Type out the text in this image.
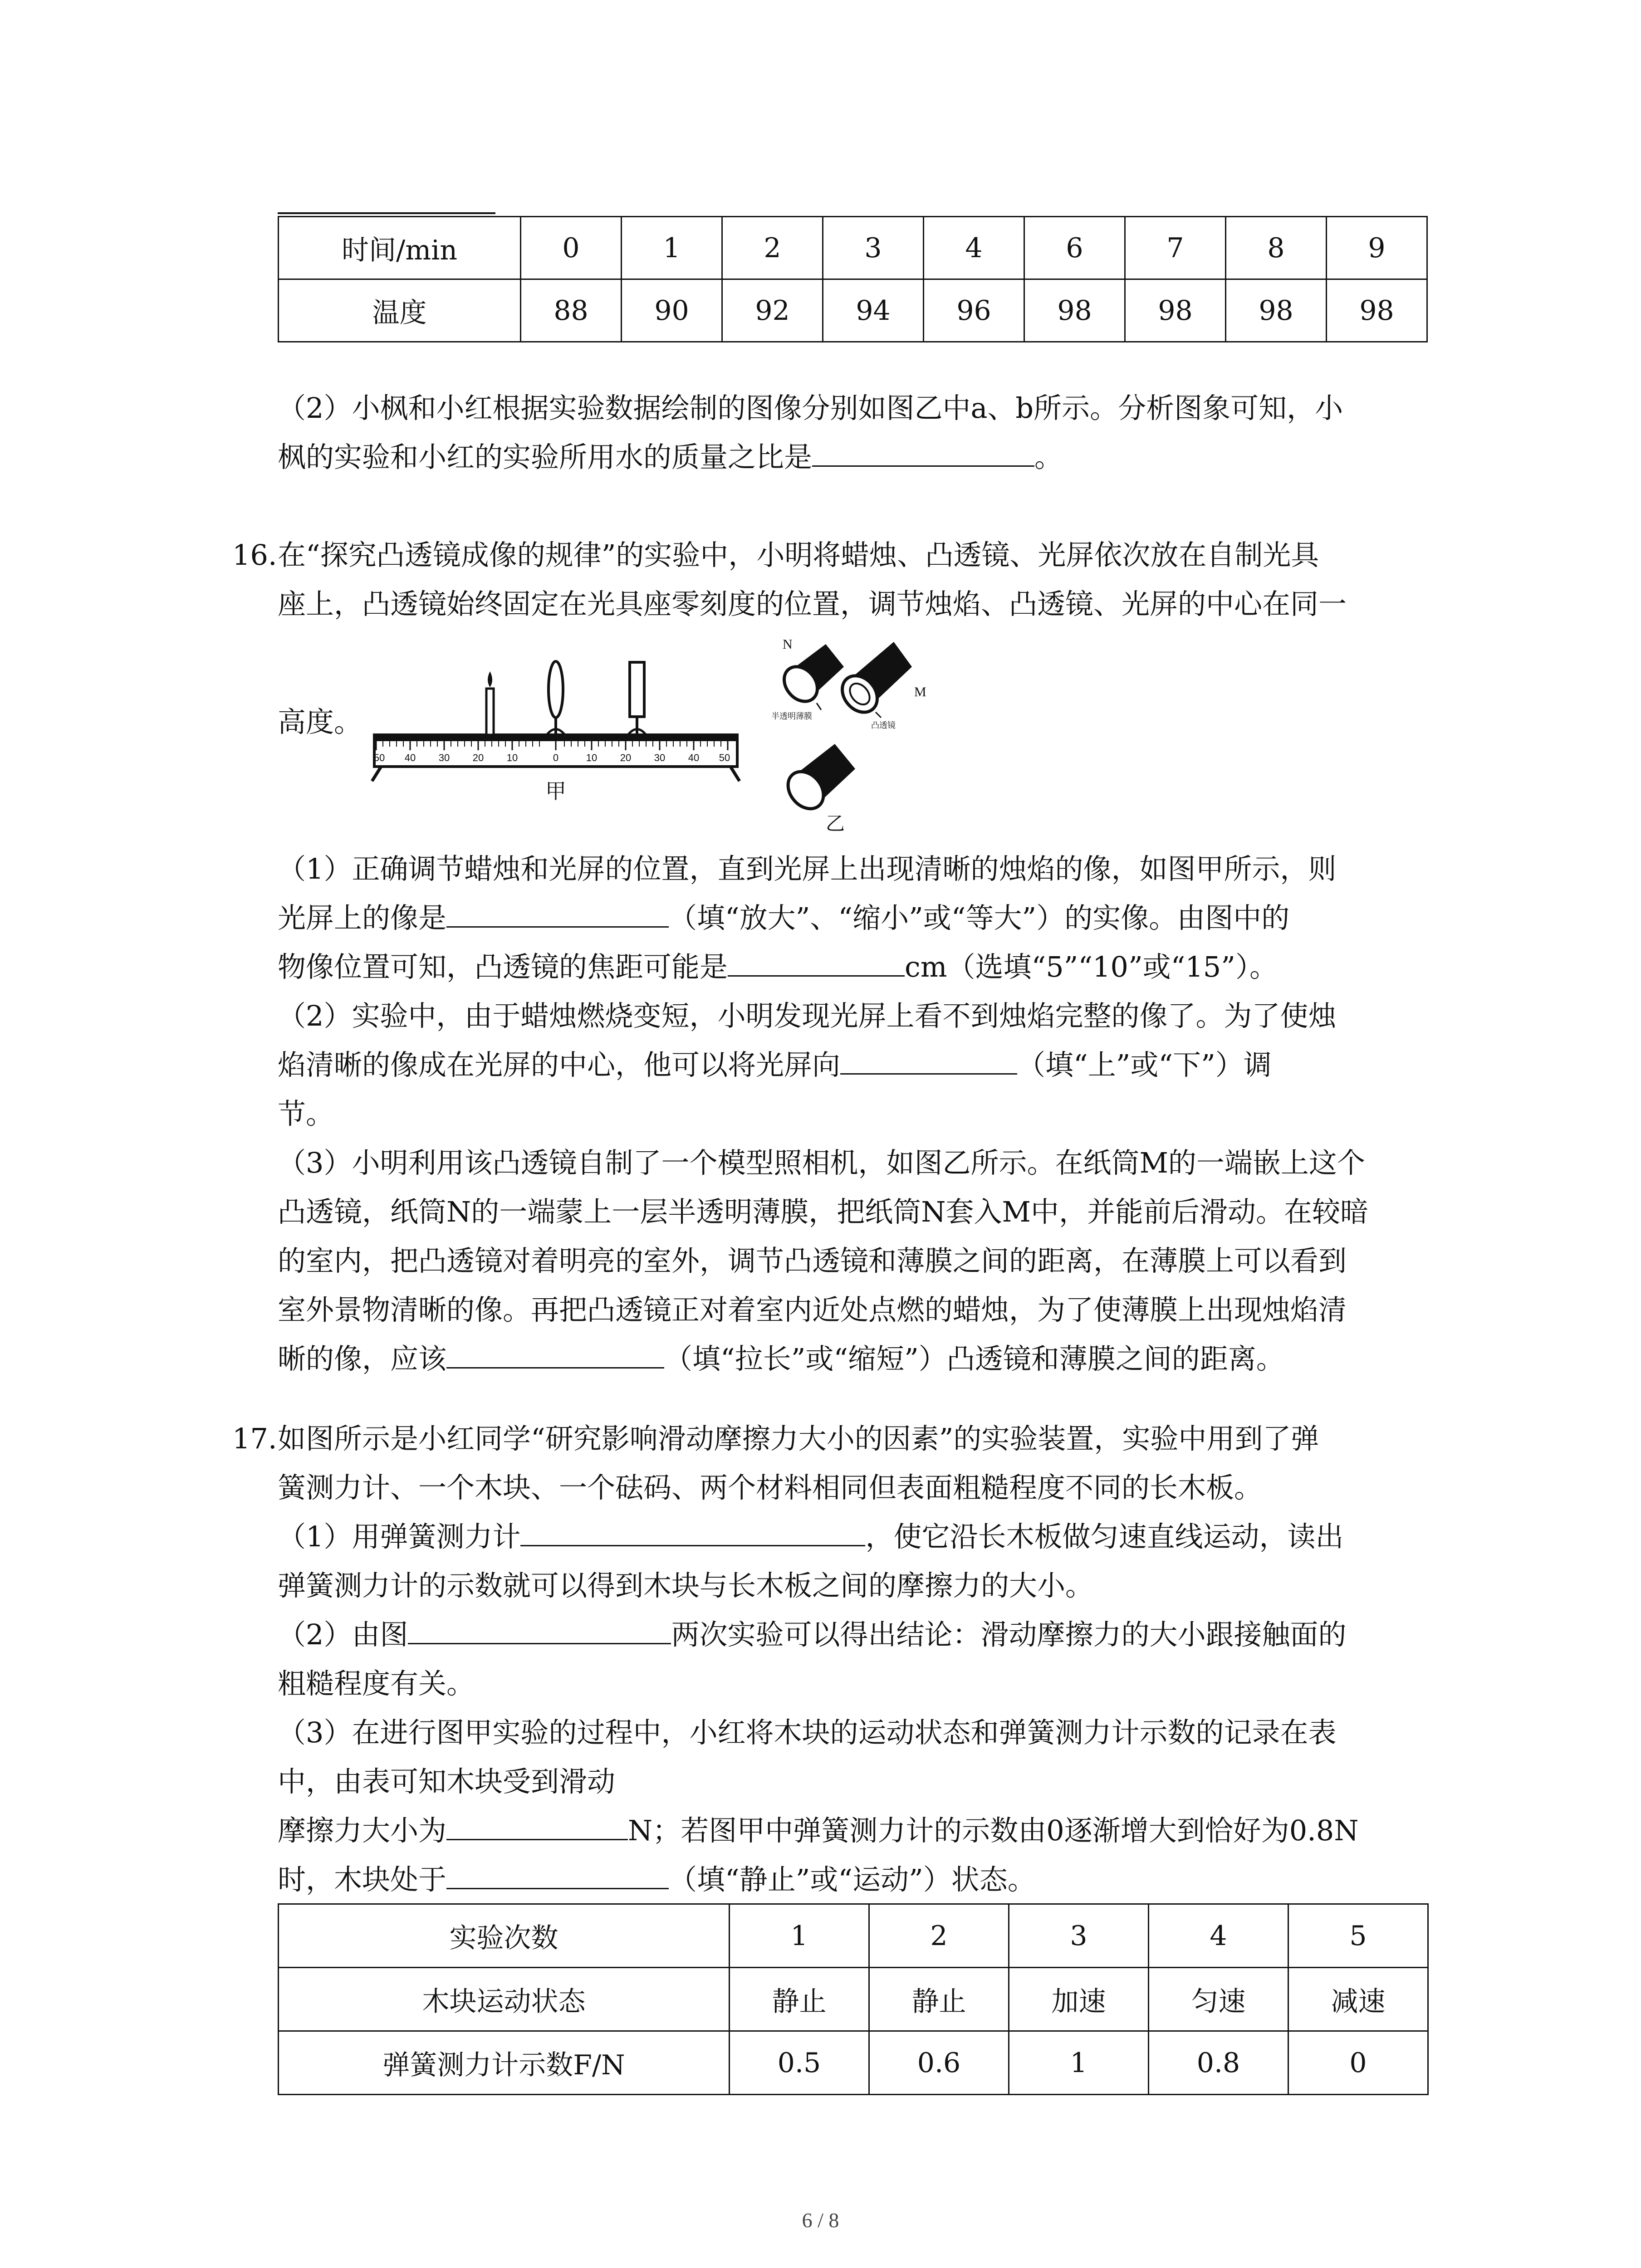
时间/min	0	1	2	3	4	6	7	8	9
温度	88	90	92	94	96	98	98	98	98
（2）小枫和小红根据实验数据绘制的图像分别如图乙中a、b所示。分析图象可知，小
枫的实验和小红的实验所用水的质量之比是	。
16. 在“探究凸透镜成像的规律”的实验中，小明将蜡烛、凸透镜、光屏依次放在自制光具
座上，凸透镜始终固定在光具座零刻度的位置，调节烛焰、凸透镜、光屏的中心在同一
高度。
50 40 30 20 10	0	10 20 30 40 50
甲
N
M
半透明薄膜
凸透镜
乙
（1）正确调节蜡烛和光屏的位置，直到光屏上出现清晰的烛焰的像，如图甲所示，则
光屏上的像是	（填“放大”、“缩小”或“等大”）的实像。由图中的
物像位置可知，凸透镜的焦距可能是	cm（选填“5”“10”或“15”）。
（2）实验中，由于蜡烛燃烧变短，小明发现光屏上看不到烛焰完整的像了。为了使烛
焰清晰的像成在光屏的中心，他可以将光屏向	（填“上”或“下”）调
节。
（3）小明利用该凸透镜自制了一个模型照相机，如图乙所示。在纸筒M的一端嵌上这个
凸透镜，纸筒N的一端蒙上一层半透明薄膜，把纸筒N套入M中，并能前后滑动。在较暗
的室内，把凸透镜对着明亮的室外，调节凸透镜和薄膜之间的距离，在薄膜上可以看到
室外景物清晰的像。再把凸透镜正对着室内近处点燃的蜡烛，为了使薄膜上出现烛焰清
晰的像，应该	（填“拉长”或“缩短”）凸透镜和薄膜之间的距离。
17. 如图所示是小红同学“研究影响滑动摩擦力大小的因素”的实验装置，实验中用到了弹
簧测力计、一个木块、一个砝码、两个材料相同但表面粗糙程度不同的长木板。
（1）用弹簧测力计	，使它沿长木板做匀速直线运动，读出
弹簧测力计的示数就可以得到木块与长木板之间的摩擦力的大小。
（2）由图	两次实验可以得出结论：滑动摩擦力的大小跟接触面的
粗糙程度有关。
（3）在进行图甲实验的过程中，小红将木块的运动状态和弹簧测力计示数的记录在表
中，由表可知木块受到滑动
摩擦力大小为	N；若图甲中弹簧测力计的示数由0逐渐增大到恰好为0.8N
时，木块处于	（填“静止”或“运动”）状态。
实验次数	1	2	3	4	5
木块运动状态	静止	静止	加速	匀速	减速
弹簧测力计示数F/N	0.5	0.6	1	0.8	0
6 / 8
